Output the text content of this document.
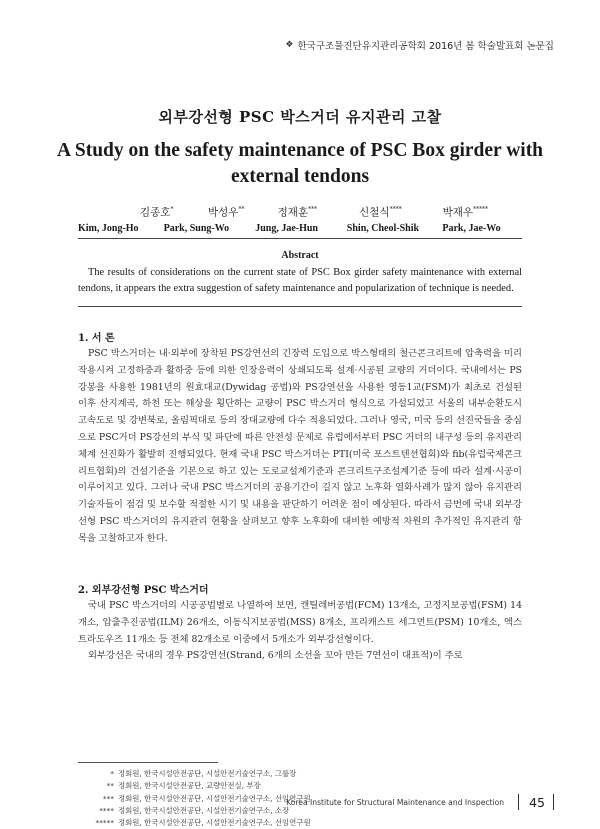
❖ 한국구조물진단유지관리공학회 2016년 봄 학술발표회 논문집
외부강선형 PSC 박스거더 유지관리 고찰
A Study on the safety maintenance of PSC Box girder with external tendons
김종호*	박성우**	정재훈***	신철식****	박재우*****
Kim, Jong-Ho	Park, Sung-Wo	Jung, Jae-Hun	Shin, Cheol-Shik	Park, Jae-Wo
Abstract
The results of considerations on the current state of PSC Box girder safety maintenance with external tendons, it appears the extra suggestion of safety maintenance and popularization of technique is needed.
1. 서 론
PSC 박스거더는 내·외부에 장착된 PS강연선의 긴장력 도입으로 박스형태의 철근콘크리트에 압축력을 미리 작용시켜 고정하중과 활하중 등에 의한 인장응력이 상쇄되도록 설계·시공된 교량의 거더이다. 국내에서는 PS강봉을 사용한 1981년의 원효대교(Dywidag 공법)와 PS강연선을 사용한 영동1교(FSM)가 최초로 건설된 이후 산지계곡, 하천 또는 해상을 횡단하는 교량이 PSC 박스거더 형식으로 가설되었고 서울의 내부순환도시고속도로 및 강변북로, 올림픽대로 등의 장대교량에 다수 적용되었다. 그러나 영국, 미국 등의 선진국들을 중심으로 PSC거더 PS강선의 부식 및 파단에 따른 안전성 문제로 유럽에서부터 PSC 거더의 내구성 등의 유지관리체계 선진화가 활발히 진행되었다. 현재 국내 PSC 박스거더는 PTI(미국 포스트텐션협회)와 fib(유럽국제콘크리트협회)의 건설기준을 기본으로 하고 있는 도로교설계기준과 콘크리트구조설계기준 등에 따라 설계·시공이 이루어지고 있다. 그러나 국내 PSC 박스거더의 공용기간이 길지 않고 노후화 열화사례가 많지 않아 유지관리 기술자들이 점검 및 보수할 적절한 시기 및 내용을 판단하기 어려운 점이 예상된다. 따라서 금번에 국내 외부강선형 PSC 박스거더의 유지관리 현황을 살펴보고 향후 노후화에 대비한 예방적 차원의 추가적인 유지관리 항목을 고찰하고자 한다.
2. 외부강선형 PSC 박스거더
국내 PSC 박스거더의 시공공법별로 나열하여 보면, 캔틸레버공법(FCM) 13개소, 고정지보공법(FSM) 14개소, 압출추진공법(ILM) 26개소, 이동식지보공법(MSS) 8개소, 프리캐스트 세그먼트(PSM) 10개소, 엑스트라도우즈 11개소 등 전체 82개소로 이중에서 5개소가 외부강선형이다.
외부강선은 국내의 경우 PS강연선(Strand, 6개의 소선을 꼬아 만든 7연선이 대표적)이 주로
* 정회원, 한국시설안전공단, 시설안전기술연구소, 그룹장
** 정회원, 한국시설안전공단, 교량안전실, 부장
*** 정회원, 한국시설안전공단, 시설안전기술연구소, 선임연구원
**** 정회원, 한국시설안전공단, 시설안전기술연구소, 소장
***** 정회원, 한국시설안전공단, 시설안전기술연구소, 선임연구원
Korea Institute for Structural Maintenance and Inspection 45
